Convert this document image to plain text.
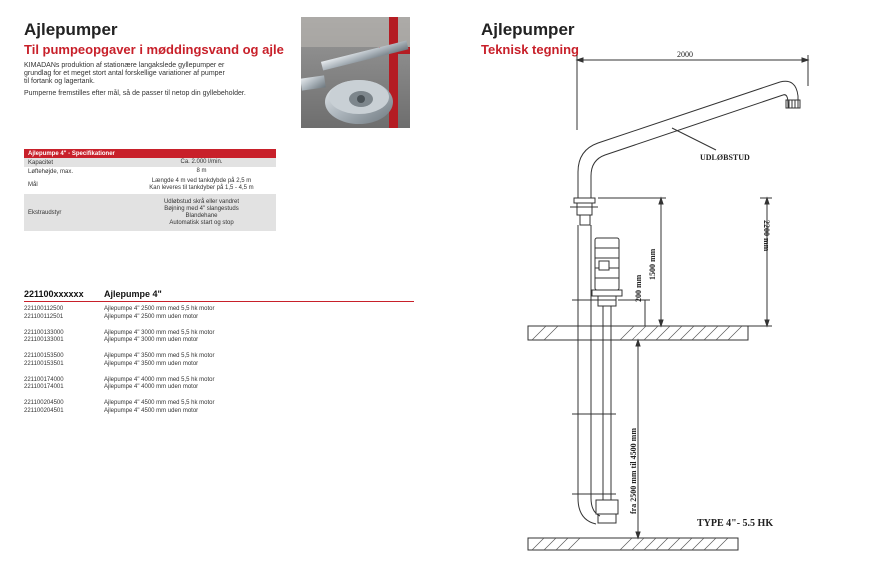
Ajlepumper
Til pumpeopgaver i møddingsvand og ajle
KIMADANs produktion af stationære langakslede gyllepumper er
grundlag for et meget stort antal forskellige variationer af pumper
til fortank og lagertank.
Pumperne fremstilles efter mål, så de passer til netop din gyllebeholder.
Ajlepumpe 4" - Specifikationer	
Kapacitet	Ca. 2.000 l/min.
Løftehøjde, max.	8 m
Mål	Længde 4 m ved tankdybde på 2,5 m
Kan leveres til tankdyber på 1,5 - 4,5 m

Ekstraudstyr	Udløbstud skrå eller vandret
Bøjning med 4" slangestuds
Blandehane
Automatisk start og stop
221100xxxxxx Ajlepumpe 4"
221100112500	Ajlepumpe 4" 2500 mm med 5,5 hk motor
221100112501	Ajlepumpe 4" 2500 mm uden motor
221100133000	Ajlepumpe 4" 3000 mm med 5,5 hk motor
221100133001	Ajlepumpe 4" 3000 mm uden motor
221100153500	Ajlepumpe 4" 3500 mm med 5,5 hk motor
221100153501	Ajlepumpe 4" 3500 mm uden motor
221100174000	Ajlepumpe 4" 4000 mm med 5,5 hk motor
221100174001	Ajlepumpe 4" 4000 mm uden motor
221100204500	Ajlepumpe 4" 4500 mm med 5,5 hk motor
221100204501	Ajlepumpe 4" 4500 mm uden motor
Ajlepumper
Teknisk tegning	2000
UDLØBSTUD
2200 mm
1500 mm
200 mm
fra 2500 mm til 4500 mm
TYPE 4"- 5.5 HK
